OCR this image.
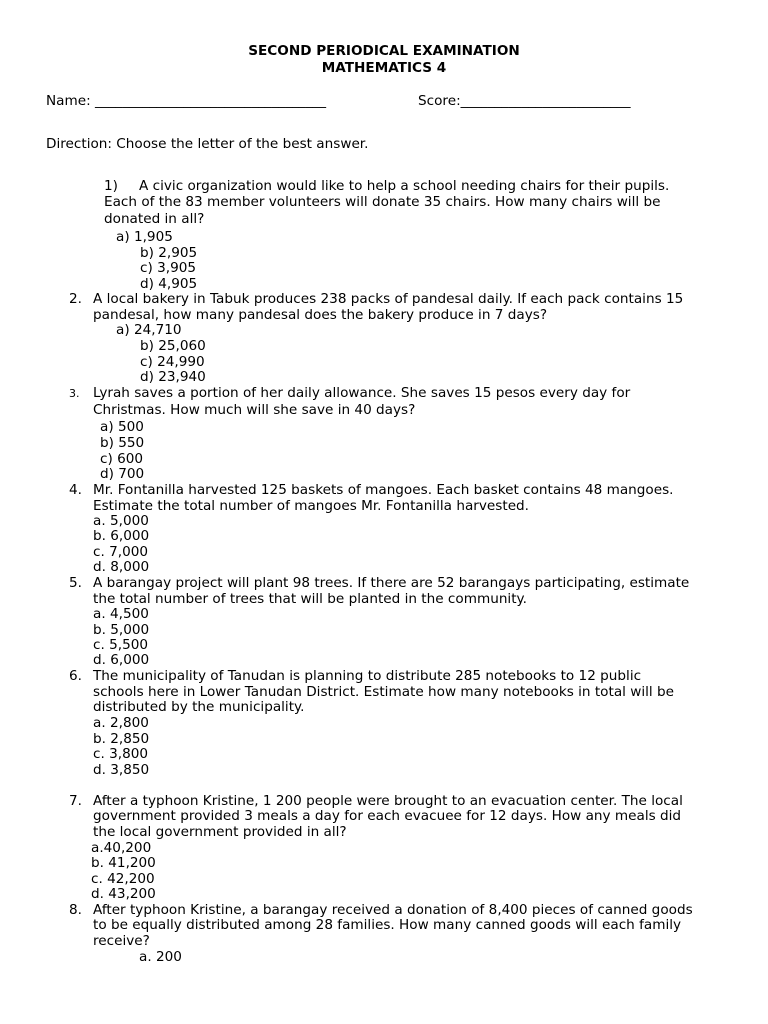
SECOND PERIODICAL EXAMINATION
MATHEMATICS 4
Name: __________________________________	Score:_________________________
Direction: Choose the letter of the best answer.
1) A civic organization would like to help a school needing chairs for their pupils.
Each of the 83 member volunteers will donate 35 chairs. How many chairs will be
donated in all?
a) 1,905
b) 2,905
c) 3,905
d) 4,905
2. A local bakery in Tabuk produces 238 packs of pandesal daily. If each pack contains 15
pandesal, how many pandesal does the bakery produce in 7 days?
a) 24,710
b) 25,060
c) 24,990
d) 23,940
3. Lyrah saves a portion of her daily allowance. She saves 15 pesos every day for
Christmas. How much will she save in 40 days?
a) 500
b) 550
c) 600
d) 700
4. Mr. Fontanilla harvested 125 baskets of mangoes. Each basket contains 48 mangoes.
Estimate the total number of mangoes Mr. Fontanilla harvested.
a. 5,000
b. 6,000
c. 7,000
d. 8,000
5. A barangay project will plant 98 trees. If there are 52 barangays participating, estimate
the total number of trees that will be planted in the community.
a. 4,500
b. 5,000
c. 5,500
d. 6,000
6. The municipality of Tanudan is planning to distribute 285 notebooks to 12 public
schools here in Lower Tanudan District. Estimate how many notebooks in total will be
distributed by the municipality.
a. 2,800
b. 2,850
c. 3,800
d. 3,850
7. After a typhoon Kristine, 1 200 people were brought to an evacuation center. The local
government provided 3 meals a day for each evacuee for 12 days. How any meals did
the local government provided in all?
a.40,200
b. 41,200
c. 42,200
d. 43,200
8. After typhoon Kristine, a barangay received a donation of 8,400 pieces of canned goods
to be equally distributed among 28 families. How many canned goods will each family
receive?
a. 200
